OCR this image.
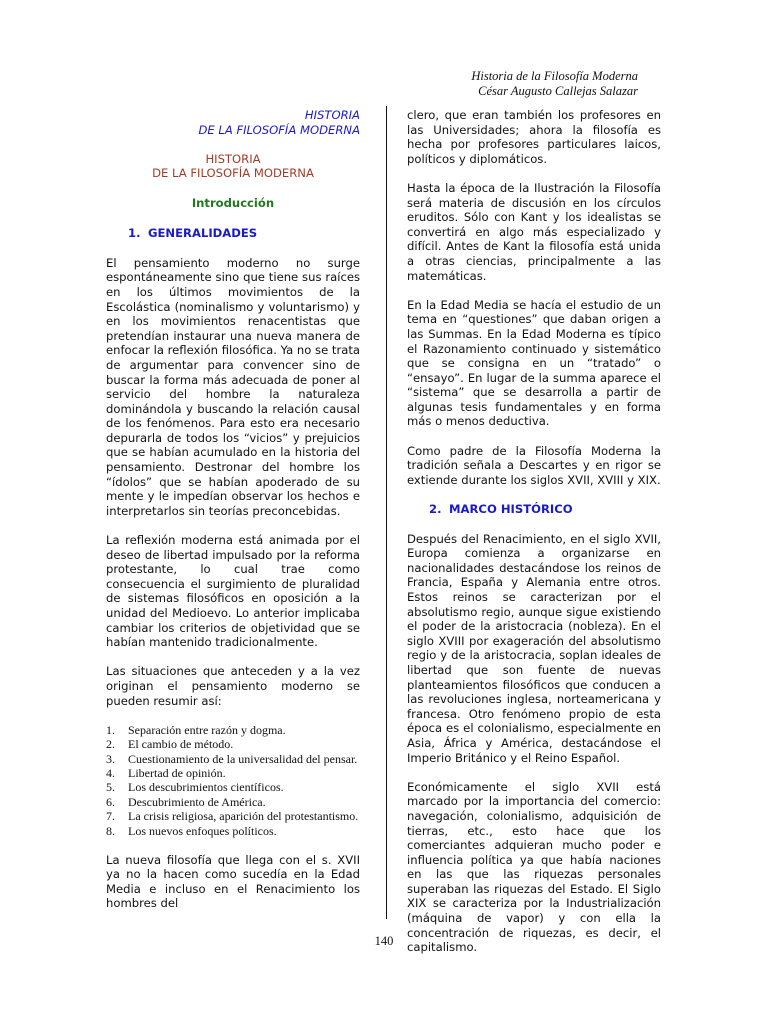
Historia de la Filosofía Moderna
César Augusto Callejas Salazar
HISTORIA
DE LA FILOSOFÍA MODERNA
HISTORIA
DE LA FILOSOFÍA MODERNA
Introducción
1. GENERALIDADES

El pensamiento moderno no surge espontáneamente sino que tiene sus raíces en los últimos movimientos de la Escolástica (nominalismo y voluntarismo) y en los movimientos renacentistas que pretendían instaurar una nueva manera de enfocar la reflexión filosófica. Ya no se trata de argumentar para convencer sino de buscar la forma más adecuada de poner al servicio del hombre la naturaleza dominándola y buscando la relación causal de los fenómenos. Para esto era necesario depurarla de todos los “vicios” y prejuicios que se habían acumulado en la historia del pensamiento. Destronar del hombre los “ídolos” que se habían apoderado de su mente y le impedían observar los hechos e interpretarlos sin teorías preconcebidas.

La reflexión moderna está animada por el deseo de libertad impulsado por la reforma protestante, lo cual trae como consecuencia el surgimiento de pluralidad de sistemas filosóficos en oposición a la unidad del Medioevo. Lo anterior implicaba cambiar los criterios de objetividad que se habían mantenido tradicionalmente.

Las situaciones que anteceden y a la vez originan el pensamiento moderno se pueden resumir así:

1.	Separación entre razón y dogma.
2.	El cambio de método.
3.	Cuestionamiento de la universalidad del pensar.
4.	Libertad de opinión.
5.	Los descubrimientos científicos.
6.	Descubrimiento de América.
7.	La crisis religiosa, aparición del protestantismo.
8.	Los nuevos enfoques políticos.

La nueva filosofía que llega con el s. XVII ya no la hacen como sucedía en la Edad Media e incluso en el Renacimiento los hombres del

clero, que eran también los profesores en las Universidades; ahora la filosofía es hecha por profesores particulares laicos, políticos y diplomáticos.

Hasta la época de la Ilustración la Filosofía será materia de discusión en los círculos eruditos. Sólo con Kant y los idealistas se convertirá en algo más especializado y difícil. Antes de Kant la filosofía está unida a otras ciencias, principalmente a las matemáticas.

En la Edad Media se hacía el estudio de un tema en “questiones” que daban origen a las Summas. En la Edad Moderna es típico el Razonamiento continuado y sistemático que se consigna en un “tratado” o “ensayo”. En lugar de la summa aparece el “sistema” que se desarrolla a partir de algunas tesis fundamentales y en forma más o menos deductiva.

Como padre de la Filosofía Moderna la tradición señala a Descartes y en rigor se extiende durante los siglos XVII, XVIII y XIX.

2. MARCO HISTÓRICO

Después del Renacimiento, en el siglo XVII, Europa comienza a organizarse en nacionalidades destacándose los reinos de Francia, España y Alemania entre otros. Estos reinos se caracterizan por el absolutismo regio, aunque sigue existiendo el poder de la aristocracia (nobleza). En el siglo XVIII por exageración del absolutismo regio y de la aristocracia, soplan ideales de libertad que son fuente de nuevas planteamientos filosóficos que conducen a las revoluciones inglesa, norteamericana y francesa. Otro fenómeno propio de esta época es el colonialismo, especialmente en Asia, África y América, destacándose el Imperio Británico y el Reino Español.

Económicamente el siglo XVII está marcado por la importancia del comercio: navegación, colonialismo, adquisición de tierras, etc., esto hace que los comerciantes adquieran mucho poder e influencia política ya que había naciones en las que las riquezas personales superaban las riquezas del Estado. El Siglo XIX se caracteriza por la Industrialización (máquina de vapor) y con ella la concentración de riquezas, es decir, el capitalismo.

140
